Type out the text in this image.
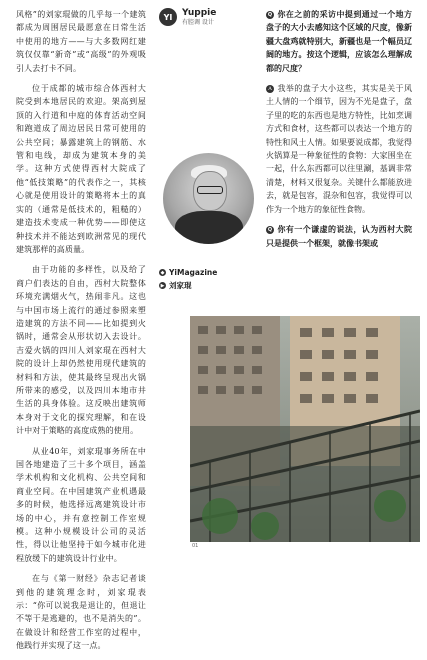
风格”的刘家琨做的几乎每一个建筑都成为周围居民最愿意在日常生活中使用的地方——与大多数网红建筑仅仅靠“新奇”或“高级”的外观吸引人去打卡不同。

位于成都的城市综合体西村大院受到本地居民的欢迎。架高到屋顶的入行道和中庭的体育活动空间和跑道成了周边居民日常可使用的公共空间；暴露建筑上的钢筋、水管和电线，却成为建筑本身的美学。这种方式使得西村大院成了他“低技策略”的代表作之一，其核心就是使用设计的策略将本土的真实的（通常是低技术的，粗糙的）建造技术变成一种优势——即使这种技术并不能达到欧洲常见的现代建筑那样的高质量。

由于功能的多样性，以及给了商户们表达的自由，西村大院整体环境充满烟火气，热闹非凡。这也与中国市场上流行的通过参照来塑造建筑的方法不同——比如提到火锅时，通常会从形状切入去设计。吉爱火锅的四川人刘家琨在西村大院的设计上却仍然使用现代建筑的材料和方法，使其最终呈现出火锅所带来的感受，以及四川本地市井生活的具身体验。这反映出建筑师本身对于文化的探究理解，和在设计中对于策略的高度成熟的使用。

从业40年，刘家琨事务所在中国各地建造了三十多个项目，涵盖学术机构和文化机构、公共空间和商业空间。在中国建筑产业机遇最多的时候，他选择远离建筑设计市场的中心，并有意控制工作室规模。这种小规模设计公司的灵活性，得以让他坚持于如今城市化进程放缓下的建筑设计行业中。

在与《第一财经》杂志记者谈到他的建筑理念时，刘家琨表示：“你可以说我是退让的，但退让不等于是逃避的，也不是消失的”。在做设计和经营工作室的过程中，他践行并实现了这一点。

YI	Yuppie
有腔调 设计
◆ YiMagazine
▶ 刘家琨

Q 你在之前的采访中提到通过一个地方盘子的大小去感知这个区域的尺度，像新疆大盘鸡就特别大，新疆也是一个幅员辽阔的地方。按这个逻辑，应该怎么理解成都的尺度？

A 我举的盘子大小这些，其实是关于风土人情的一个细节，因为不光是盘子，盘子里的吃的东西也是地方特性，比如烹调方式和食材，这些都可以表达一个地方的特性和风土人情。如果要说成都，我觉得火锅算是一种象征性的食物：大家围坐在一起，什么东西都可以往里涮，基调非常清楚，材料又很复杂。关键什么都能放进去，就是包容，混杂和包容，我觉得可以作为一个地方的象征性食物。

Q 你有一个谦虚的说法，认为西村大院只是提供一个框架，就像书架或

01
